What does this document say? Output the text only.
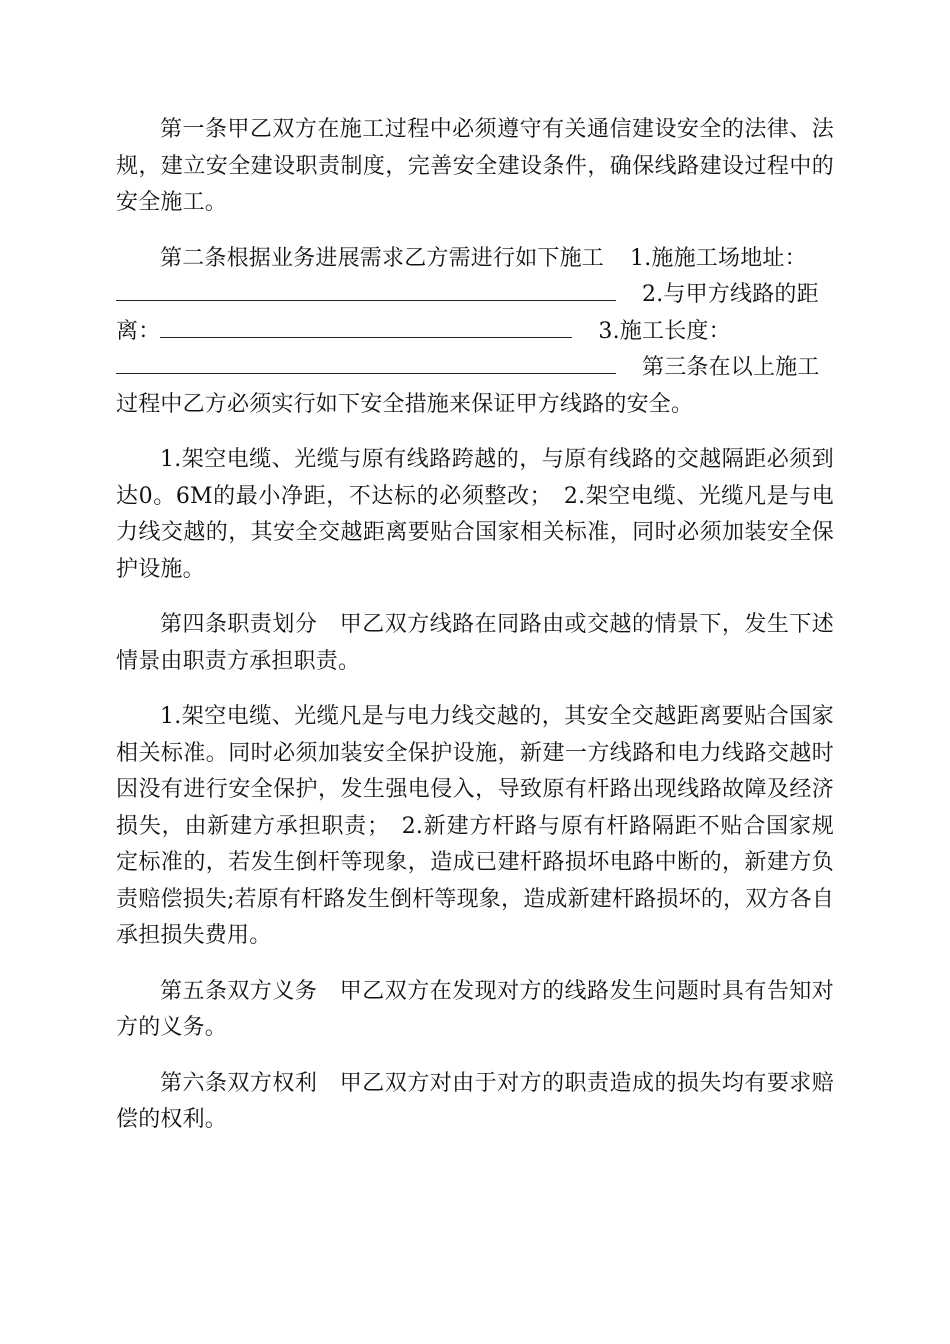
第一条甲乙双方在施工过程中必须遵守有关通信建设安全的法律、法规，建立安全建设职责制度，完善安全建设条件，确保线路建设过程中的安全施工。

第二条根据业务进展需求乙方需进行如下施工 1.施施工场地址：
2.与甲方线路的距
离：	3.施工长度：
第三条在以上施工
过程中乙方必须实行如下安全措施来保证甲方线路的安全。

1.架空电缆、光缆与原有线路跨越的，与原有线路的交越隔距必须到达0。6M的最小净距，不达标的必须整改；　2.架空电缆、光缆凡是与电力线交越的，其安全交越距离要贴合国家相关标准，同时必须加装安全保护设施。

第四条职责划分　甲乙双方线路在同路由或交越的情景下，发生下述情景由职责方承担职责。

1.架空电缆、光缆凡是与电力线交越的，其安全交越距离要贴合国家相关标准。同时必须加装安全保护设施，新建一方线路和电力线路交越时因没有进行安全保护，发生强电侵入，导致原有杆路出现线路故障及经济损失，由新建方承担职责；　2.新建方杆路与原有杆路隔距不贴合国家规定标准的，若发生倒杆等现象，造成已建杆路损坏电路中断的，新建方负责赔偿损失;若原有杆路发生倒杆等现象，造成新建杆路损坏的，双方各自承担损失费用。

第五条双方义务　甲乙双方在发现对方的线路发生问题时具有告知对方的义务。

第六条双方权利　甲乙双方对由于对方的职责造成的损失均有要求赔偿的权利。
